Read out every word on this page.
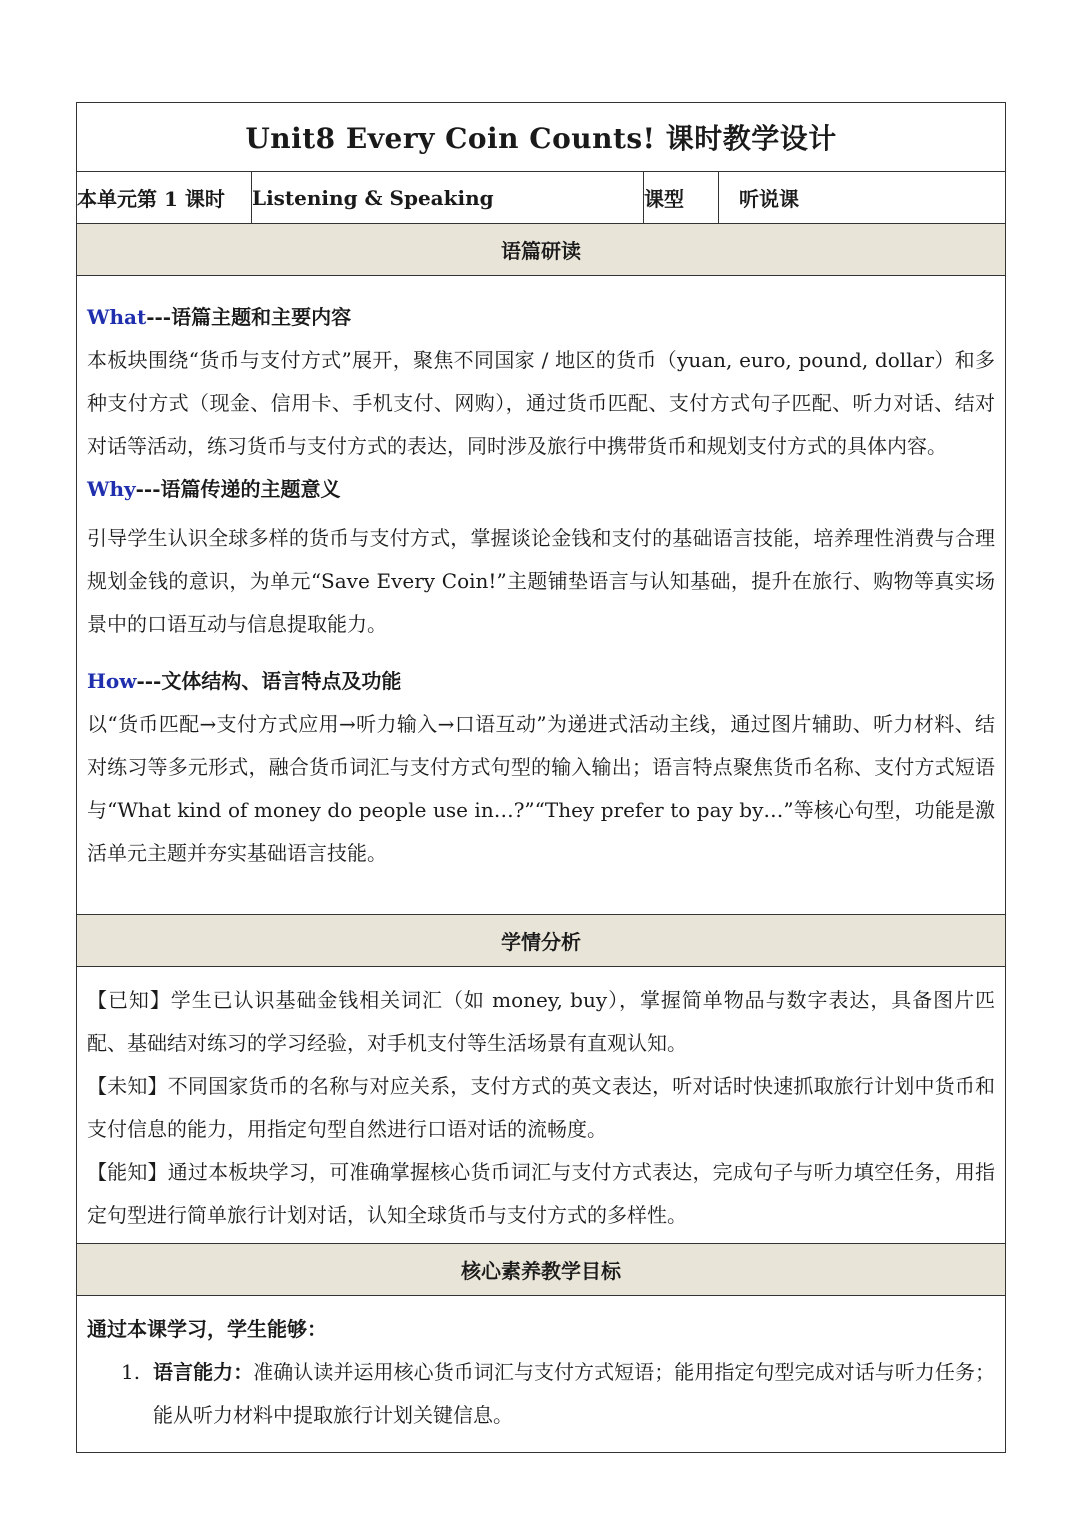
Unit8 Every Coin Counts! 课时教学设计
本单元第 1 课时	Listening & Speaking	课型	听说课
语篇研读

What---语篇主题和主要内容

本板块围绕“货币与支付方式”展开，聚焦不同国家 / 地区的货币（yuan, euro, pound, dollar）和多种支付方式（现金、信用卡、手机支付、网购），通过货币匹配、支付方式句子匹配、听力对话、结对对话等活动，练习货币与支付方式的表达，同时涉及旅行中携带货币和规划支付方式的具体内容。

Why---语篇传递的主题意义

引导学生认识全球多样的货币与支付方式，掌握谈论金钱和支付的基础语言技能，培养理性消费与合理规划金钱的意识，为单元“Save Every Coin!”主题铺垫语言与认知基础，提升在旅行、购物等真实场景中的口语互动与信息提取能力。

How---文体结构、语言特点及功能

以“货币匹配→支付方式应用→听力输入→口语互动”为递进式活动主线，通过图片辅助、听力材料、结对练习等多元形式，融合货币词汇与支付方式句型的输入输出；语言特点聚焦货币名称、支付方式短语与“What kind of money do people use in…?”“They prefer to pay by…”等核心句型，功能是激活单元主题并夯实基础语言技能。

学情分析

【已知】学生已认识基础金钱相关词汇（如 money, buy），掌握简单物品与数字表达，具备图片匹配、基础结对练习的学习经验，对手机支付等生活场景有直观认知。

【未知】不同国家货币的名称与对应关系，支付方式的英文表达，听对话时快速抓取旅行计划中货币和支付信息的能力，用指定句型自然进行口语对话的流畅度。

【能知】通过本板块学习，可准确掌握核心货币词汇与支付方式表达，完成句子与听力填空任务，用指定句型进行简单旅行计划对话，认知全球货币与支付方式的多样性。

核心素养教学目标

通过本课学习，学生能够：
1. 语言能力：准确认读并运用核心货币词汇与支付方式短语；能用指定句型完成对话与听力任务；能从听力材料中提取旅行计划关键信息。
